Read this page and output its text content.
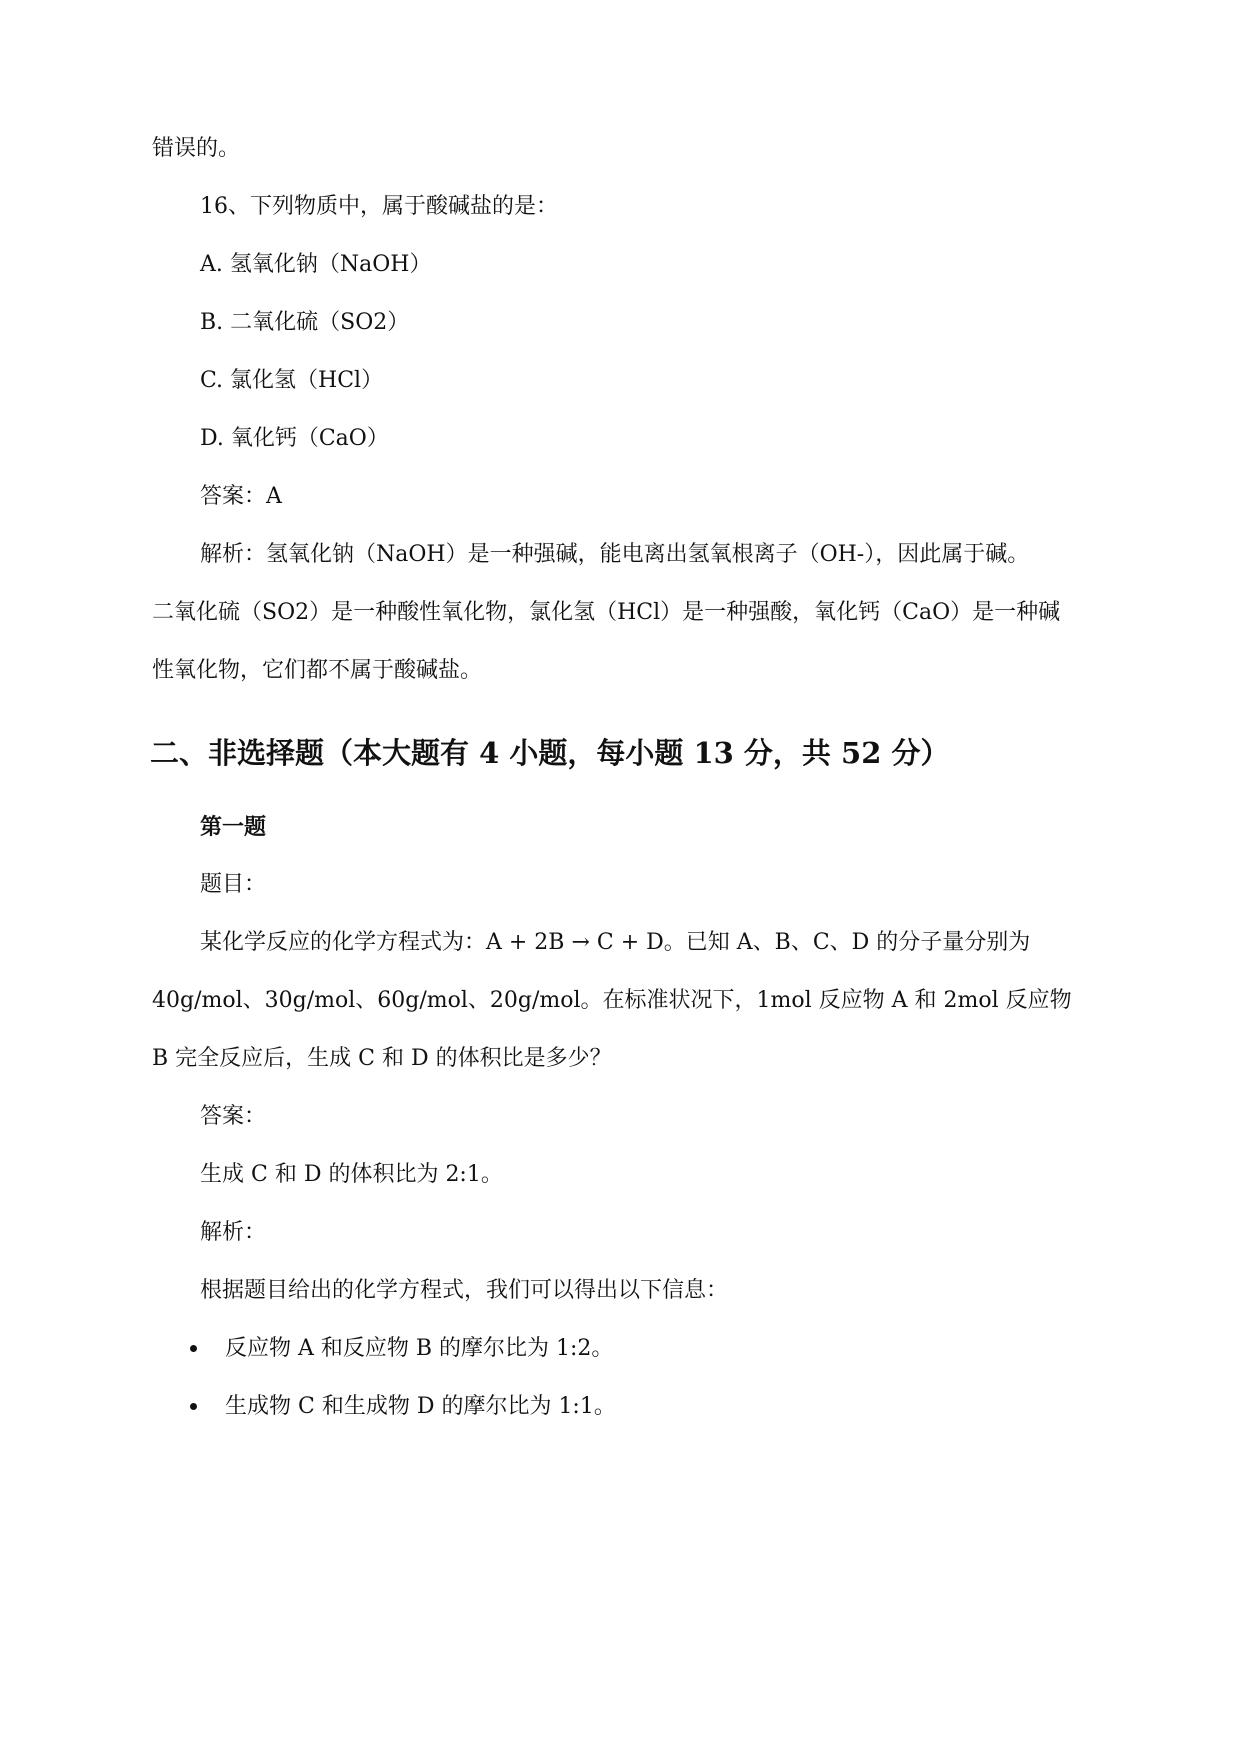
错误的。
16、下列物质中，属于酸碱盐的是：
A. 氢氧化钠（NaOH）
B. 二氧化硫（SO2）
C. 氯化氢（HCl）
D. 氧化钙（CaO）
答案：A
解析：氢氧化钠（NaOH）是一种强碱，能电离出氢氧根离子（OH-），因此属于碱。
二氧化硫（SO2）是一种酸性氧化物，氯化氢（HCl）是一种强酸，氧化钙（CaO）是一种碱
性氧化物，它们都不属于酸碱盐。
二、非选择题（本大题有 4 小题，每小题 13 分，共 52 分）
第一题
题目：
某化学反应的化学方程式为：A + 2B → C + D。已知 A、B、C、D 的分子量分别为
40g/mol、30g/mol、60g/mol、20g/mol。在标准状况下，1mol 反应物 A 和 2mol 反应物
B 完全反应后，生成 C 和 D 的体积比是多少？
答案：
生成 C 和 D 的体积比为 2:1。
解析：
根据题目给出的化学方程式，我们可以得出以下信息：
反应物 A 和反应物 B 的摩尔比为 1:2。
生成物 C 和生成物 D 的摩尔比为 1:1。
